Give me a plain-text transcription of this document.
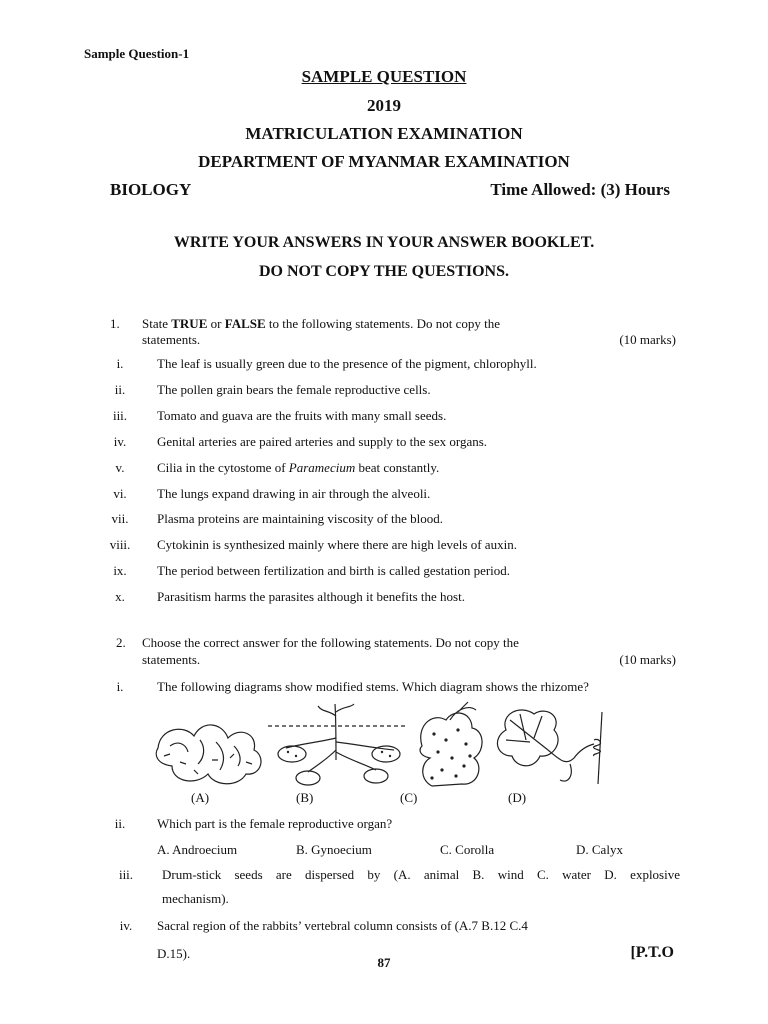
Sample Question-1
SAMPLE QUESTION
2019
MATRICULATION EXAMINATION
DEPARTMENT OF MYANMAR EXAMINATION
BIOLOGY	Time Allowed: (3) Hours
WRITE YOUR ANSWERS IN YOUR ANSWER BOOKLET.
DO NOT COPY THE QUESTIONS.
1. State TRUE or FALSE to the following statements. Do not copy the
statements.	(10 marks)
i.	The leaf is usually green due to the presence of the pigment, chlorophyll.
ii.	The pollen grain bears the female reproductive cells.
iii.	Tomato and guava are the fruits with many small seeds.
iv.	Genital arteries are paired arteries and supply to the sex organs.
v.	Cilia in the cytostome of Paramecium beat constantly.
vi.	The lungs expand drawing in air through the alveoli.
vii.	Plasma proteins are maintaining viscosity of the blood.
viii.	Cytokinin is synthesized mainly where there are high levels of auxin.
ix.	The period between fertilization and birth is called gestation period.
x.	Parasitism harms the parasites although it benefits the host.
2. Choose the correct answer for the following statements. Do not copy the
statements.	(10 marks)
i.	The following diagrams show modified stems. Which diagram shows the rhizome?
(A)	(B)	(C)	(D)
ii.	Which part is the female reproductive organ?
A. Androecium	B. Gynoecium	C. Corolla	D. Calyx
iii.	Drum-stick seeds are dispersed by (A. animal B. wind C. water D. explosive
mechanism).
iv.	Sacral region of the rabbits’ vertebral column consists of (A.7 B.12 C.4
D.15).
87
[P.T.O
